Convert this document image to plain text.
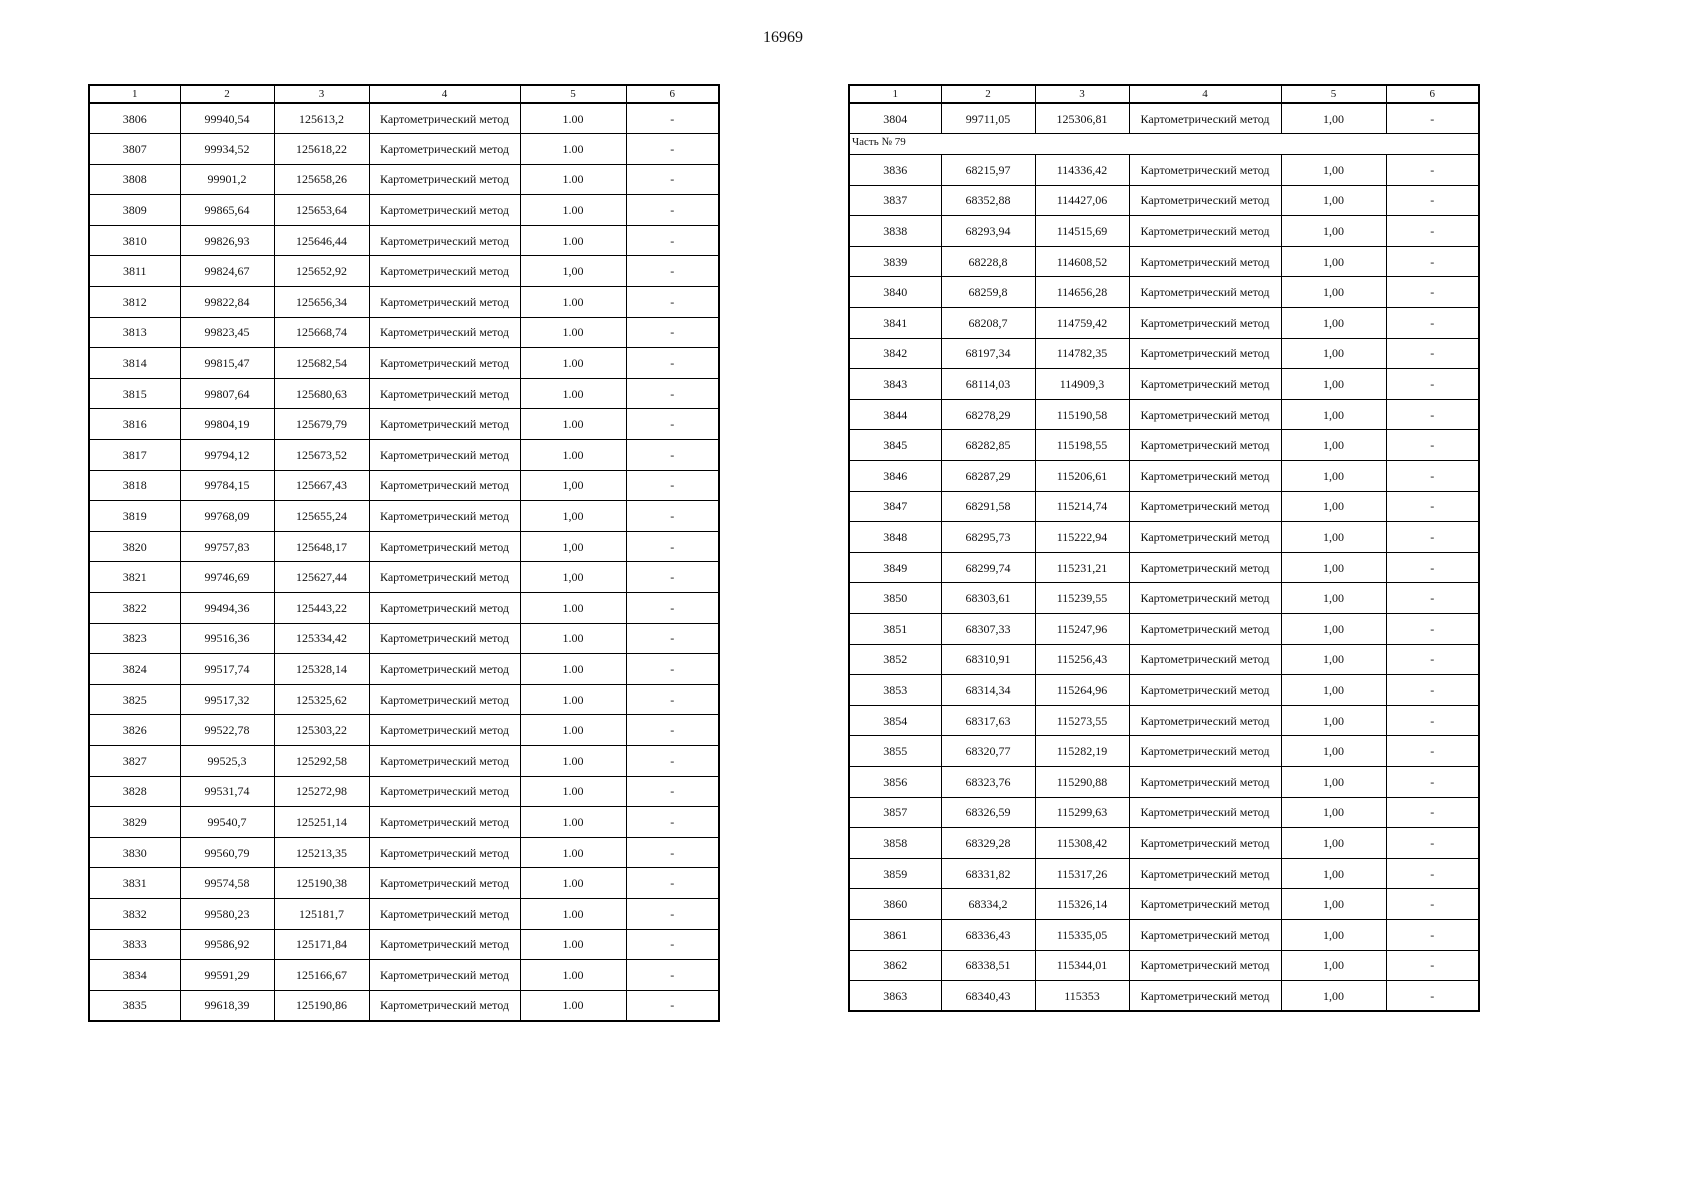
16969
1	2	3	4	5	6
3806	99940,54	125613,2	Картометрический метод	1.00	-
3807	99934,52	125618,22	Картометрический метод	1.00	-
3808	99901,2	125658,26	Картометрический метод	1.00	-
3809	99865,64	125653,64	Картометрический метод	1.00	-
3810	99826,93	125646,44	Картометрический метод	1.00	-
3811	99824,67	125652,92	Картометрический метод	1,00	-
3812	99822,84	125656,34	Картометрический метод	1.00	-
3813	99823,45	125668,74	Картометрический метод	1.00	-
3814	99815,47	125682,54	Картометрический метод	1.00	-
3815	99807,64	125680,63	Картометрический метод	1.00	-
3816	99804,19	125679,79	Картометрический метод	1.00	-
3817	99794,12	125673,52	Картометрический метод	1.00	-
3818	99784,15	125667,43	Картометрический метод	1,00	-
3819	99768,09	125655,24	Картометрический метод	1,00	-
3820	99757,83	125648,17	Картометрический метод	1,00	-
3821	99746,69	125627,44	Картометрический метод	1,00	-
3822	99494,36	125443,22	Картометрический метод	1.00	-
3823	99516,36	125334,42	Картометрический метод	1.00	-
3824	99517,74	125328,14	Картометрический метод	1.00	-
3825	99517,32	125325,62	Картометрический метод	1.00	-
3826	99522,78	125303,22	Картометрический метод	1.00	-
3827	99525,3	125292,58	Картометрический метод	1.00	-
3828	99531,74	125272,98	Картометрический метод	1.00	-
3829	99540,7	125251,14	Картометрический метод	1.00	-
3830	99560,79	125213,35	Картометрический метод	1.00	-
3831	99574,58	125190,38	Картометрический метод	1.00	-
3832	99580,23	125181,7	Картометрический метод	1.00	-
3833	99586,92	125171,84	Картометрический метод	1.00	-
3834	99591,29	125166,67	Картометрический метод	1.00	-
3835	99618,39	125190,86	Картометрический метод	1.00	-
1	2	3	4	5	6
3804	99711,05	125306,81	Картометрический метод	1,00	-
Часть № 79					
3836	68215,97	114336,42	Картометрический метод	1,00	-
3837	68352,88	114427,06	Картометрический метод	1,00	-
3838	68293,94	114515,69	Картометрический метод	1,00	-
3839	68228,8	114608,52	Картометрический метод	1,00	-
3840	68259,8	114656,28	Картометрический метод	1,00	-
3841	68208,7	114759,42	Картометрический метод	1,00	-
3842	68197,34	114782,35	Картометрический метод	1,00	-
3843	68114,03	114909,3	Картометрический метод	1,00	-
3844	68278,29	115190,58	Картометрический метод	1,00	-
3845	68282,85	115198,55	Картометрический метод	1,00	-
3846	68287,29	115206,61	Картометрический метод	1,00	-
3847	68291,58	115214,74	Картометрический метод	1,00	-
3848	68295,73	115222,94	Картометрический метод	1,00	-
3849	68299,74	115231,21	Картометрический метод	1,00	-
3850	68303,61	115239,55	Картометрический метод	1,00	-
3851	68307,33	115247,96	Картометрический метод	1,00	-
3852	68310,91	115256,43	Картометрический метод	1,00	-
3853	68314,34	115264,96	Картометрический метод	1,00	-
3854	68317,63	115273,55	Картометрический метод	1,00	-
3855	68320,77	115282,19	Картометрический метод	1,00	-
3856	68323,76	115290,88	Картометрический метод	1,00	-
3857	68326,59	115299,63	Картометрический метод	1,00	-
3858	68329,28	115308,42	Картометрический метод	1,00	-
3859	68331,82	115317,26	Картометрический метод	1,00	-
3860	68334,2	115326,14	Картометрический метод	1,00	-
3861	68336,43	115335,05	Картометрический метод	1,00	-
3862	68338,51	115344,01	Картометрический метод	1,00	-
3863	68340,43	115353	Картометрический метод	1,00	-
